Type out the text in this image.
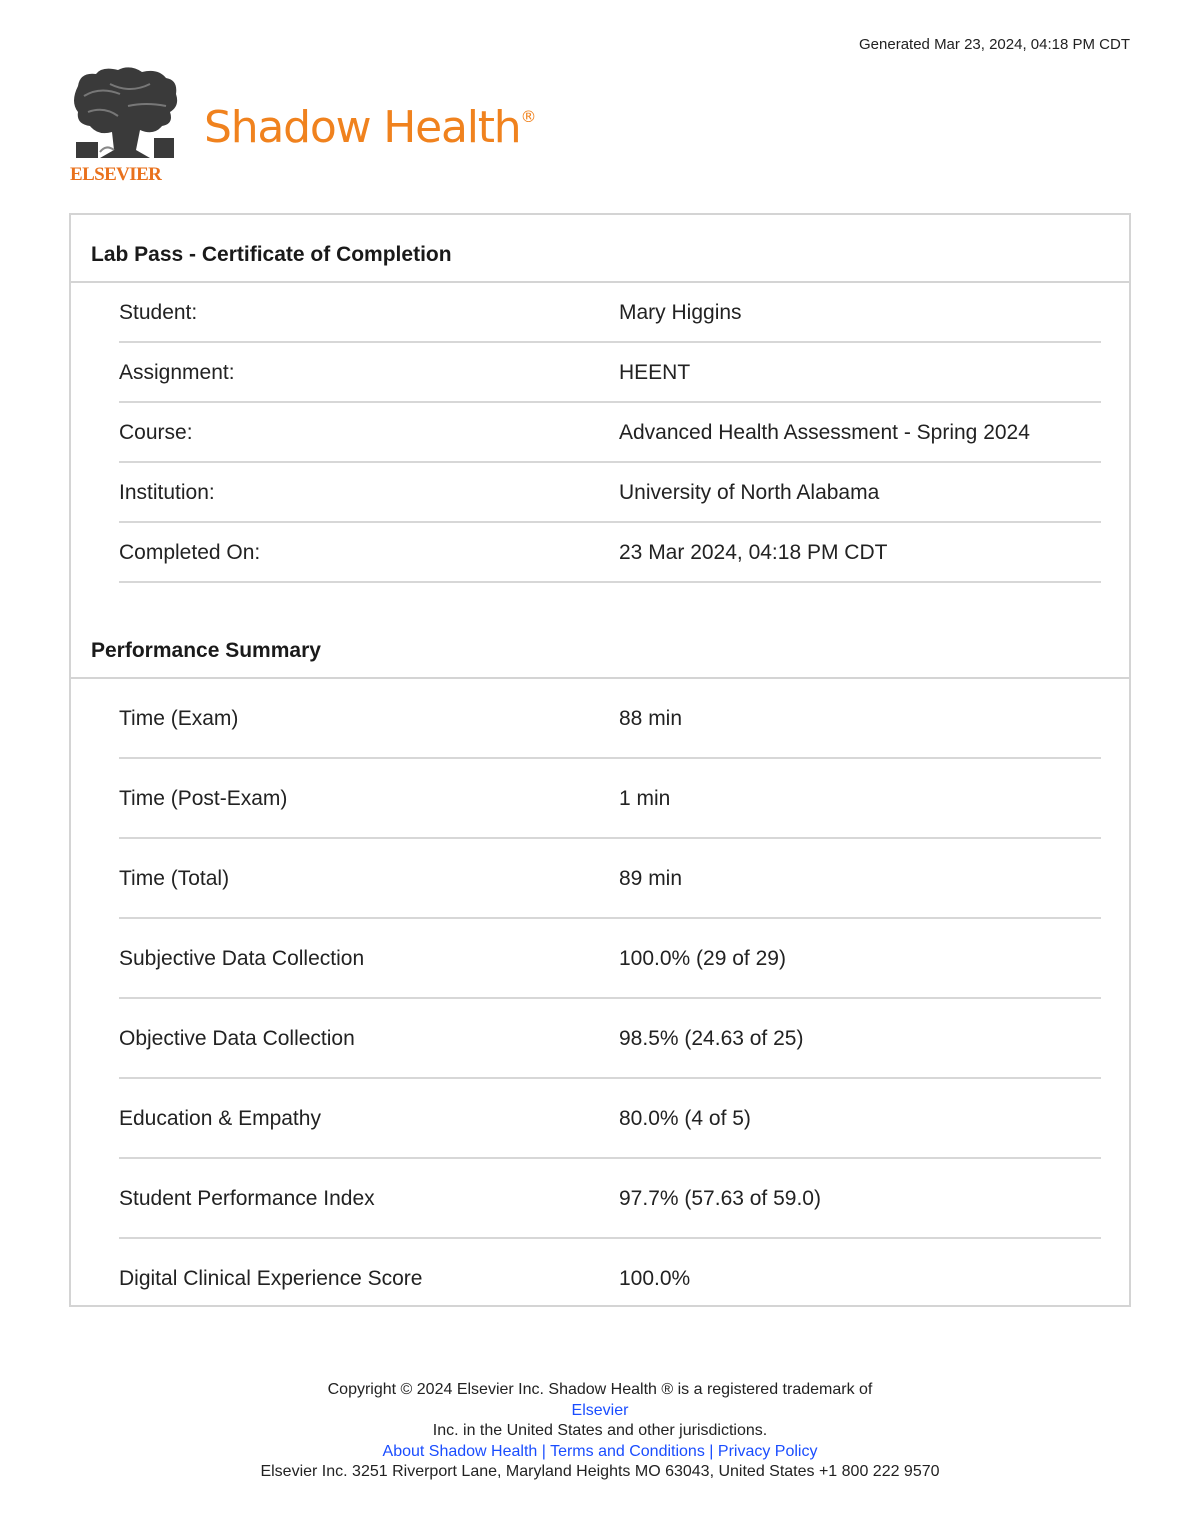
Generated Mar 23, 2024, 04:18 PM CDT
ELSEVIER
Shadow Health®
Lab Pass - Certificate of Completion
Student:	Mary Higgins
Assignment:	HEENT
Course:	Advanced Health Assessment - Spring 2024
Institution:	University of North Alabama
Completed On:	23 Mar 2024, 04:18 PM CDT
Performance Summary
Time (Exam)	88 min
Time (Post-Exam)	1 min
Time (Total)	89 min
Subjective Data Collection	100.0% (29 of 29)
Objective Data Collection	98.5% (24.63 of 25)
Education & Empathy	80.0% (4 of 5)
Student Performance Index	97.7% (57.63 of 59.0)
Digital Clinical Experience Score	100.0%
Copyright © 2024 Elsevier Inc. Shadow Health ® is a registered trademark of
Elsevier
Inc. in the United States and other jurisdictions.
About Shadow Health | Terms and Conditions | Privacy Policy
Elsevier Inc. 3251 Riverport Lane, Maryland Heights MO 63043, United States +1 800 222 9570
